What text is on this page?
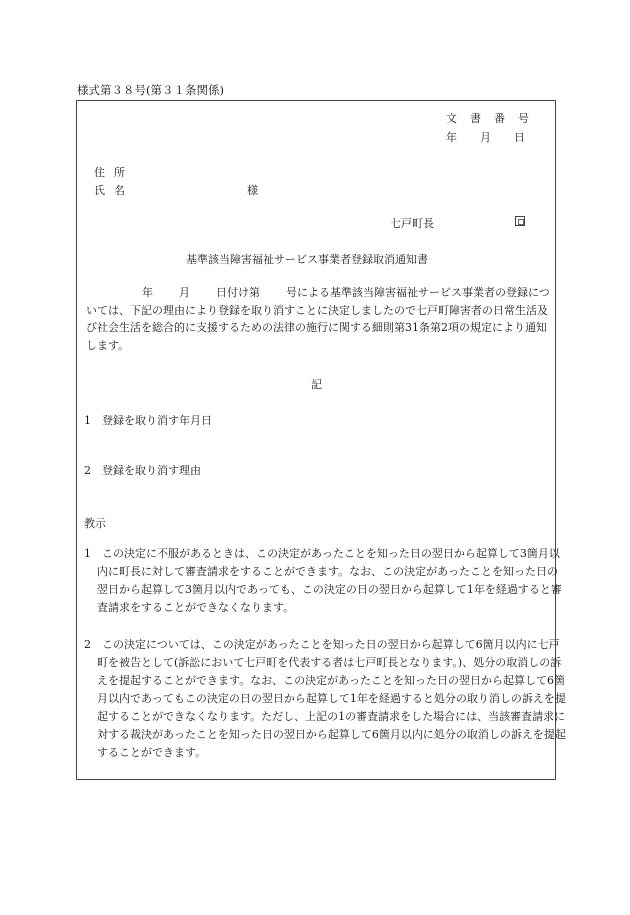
様式第３８号(第３１条関係)
文書番号
年 月 日
住所
氏名	様
七戸町長
基準該当障害福祉サービス事業者登録取消通知書
年 月 日付け第 号による基準該当障害福祉サービス事業者の登録については、下記の理由により登録を取り消すことに決定しましたので七戸町障害者の日常生活及び社会生活を総合的に支援するための法律の施行に関する細則第31条第2項の規定により通知します。
記
1　登録を取り消す年月日
2　登録を取り消す理由
教示
1　この決定に不服があるときは、この決定があったことを知った日の翌日から起算して3箇月以内に町長に対して審査請求をすることができます。なお、この決定があったことを知った日の翌日から起算して3箇月以内であっても、この決定の日の翌日から起算して1年を経過すると審査請求をすることができなくなります。
2　この決定については、この決定があったことを知った日の翌日から起算して6箇月以内に七戸町を被告として(訴訟において七戸町を代表する者は七戸町長となります。)、処分の取消しの訴えを提起することができます。なお、この決定があったことを知った日の翌日から起算して6箇月以内であってもこの決定の日の翌日から起算して1年を経過すると処分の取り消しの訴えを提起することができなくなります。ただし、上記の1の審査請求をした場合には、当該審査請求に対する裁決があったことを知った日の翌日から起算して6箇月以内に処分の取消しの訴えを提起することができます。
